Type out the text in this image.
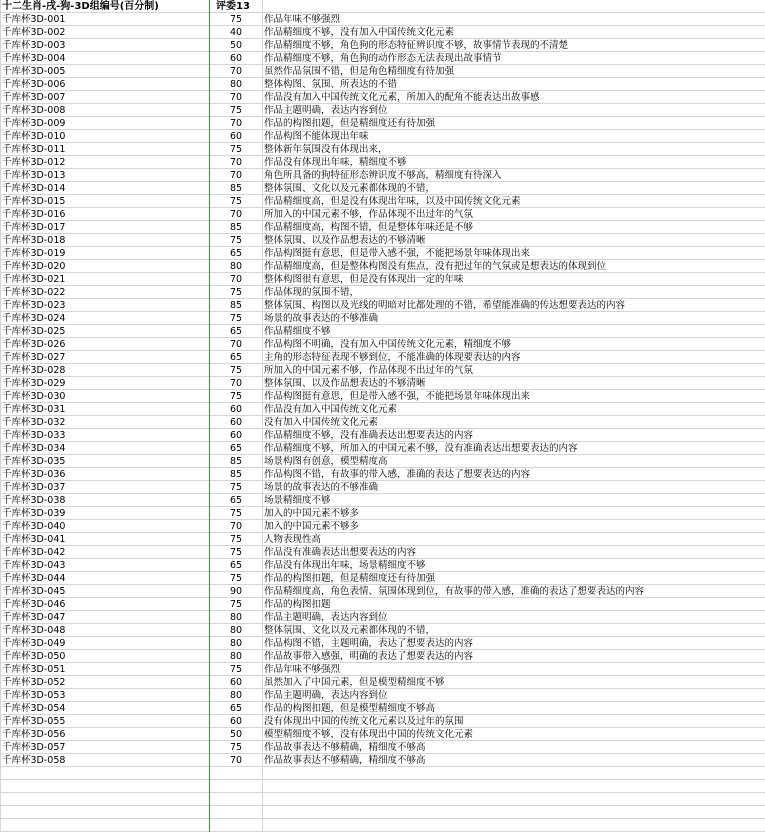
十二生肖-戌-狗-3D组编号(百分制)	评委13
千库杯3D-001	75	作品年味不够强烈
千库杯3D-002	40	作品精细度不够，没有加入中国传统文化元素
千库杯3D-003	50	作品精细度不够，角色狗的形态特征辨识度不够，故事情节表现的不清楚
千库杯3D-004	60	作品精细度不够，角色狗的动作形态无法表现出故事情节
千库杯3D-005	70	虽然作品氛围不错，但是角色精细度有待加强
千库杯3D-006	80	整体构图、氛围、所表达的不错
千库杯3D-007	70	作品没有加入中国传统文化元素，所加入的配角不能表达出故事感
千库杯3D-008	75	作品主题明确，表达内容到位
千库杯3D-009	70	作品的构图扣题，但是精细度还有待加强
千库杯3D-010	60	作品构图不能体现出年味
千库杯3D-011	75	整体新年氛围没有体现出来，
千库杯3D-012	70	作品没有体现出年味，精细度不够
千库杯3D-013	70	角色所具备的狗特征形态辨识度不够高，精细度有待深入
千库杯3D-014	85	整体氛围、文化以及元素都体现的不错，
千库杯3D-015	75	作品精细度高，但是没有体现出年味，以及中国传统文化元素
千库杯3D-016	70	所加入的中国元素不够，作品体现不出过年的气氛
千库杯3D-017	85	作品精细度高，构图不错，但是整体年味还是不够
千库杯3D-018	75	整体氛围、以及作品想表达的不够清晰
千库杯3D-019	65	作品构图挺有意思，但是带入感不强，不能把场景年味体现出来
千库杯3D-020	80	作品精细度高，但是整体构图没有焦点，没有把过年的气氛或是想表达的体现到位
千库杯3D-021	70	整体构图很有意思，但是没有体现出一定的年味
千库杯3D-022	75	作品体现的氛围不错，
千库杯3D-023	85	整体氛围、构图以及光线的明暗对比都处理的不错，希望能准确的传达想要表达的内容
千库杯3D-024	75	场景的故事表达的不够准确
千库杯3D-025	65	作品精细度不够
千库杯3D-026	70	作品构图不明确，没有加入中国传统文化元素，精细度不够
千库杯3D-027	65	主角的形态特征表现不够到位，不能准确的体现要表达的内容
千库杯3D-028	75	所加入的中国元素不够，作品体现不出过年的气氛
千库杯3D-029	70	整体氛围、以及作品想表达的不够清晰
千库杯3D-030	75	作品构图挺有意思，但是带入感不强，不能把场景年味体现出来
千库杯3D-031	60	作品没有加入中国传统文化元素
千库杯3D-032	60	没有加入中国传统文化元素
千库杯3D-033	60	作品精细度不够，没有准确表达出想要表达的内容
千库杯3D-034	65	作品精细度不够，所加入的中国元素不够，没有准确表达出想要表达的内容
千库杯3D-035	85	场景构图有创意，模型精度高
千库杯3D-036	85	作品构图不错，有故事的带入感，准确的表达了想要表达的内容
千库杯3D-037	75	场景的故事表达的不够准确
千库杯3D-038	65	场景精细度不够
千库杯3D-039	75	加入的中国元素不够多
千库杯3D-040	70	加入的中国元素不够多
千库杯3D-041	75	人物表现性高
千库杯3D-042	75	作品没有准确表达出想要表达的内容
千库杯3D-043	65	作品没有体现出年味，场景精细度不够
千库杯3D-044	75	作品的构图扣题，但是精细度还有待加强
千库杯3D-045	90	作品精细度高，角色表情、氛围体现到位，有故事的带入感，准确的表达了想要表达的内容
千库杯3D-046	75	作品的构图扣题
千库杯3D-047	80	作品主题明确，表达内容到位
千库杯3D-048	80	整体氛围、文化以及元素都体现的不错，
千库杯3D-049	80	作品构图不错，主题明确，表达了想要表达的内容
千库杯3D-050	80	作品故事带入感强，明确的表达了想要表达的内容
千库杯3D-051	75	作品年味不够强烈
千库杯3D-052	60	虽然加入了中国元素，但是模型精细度不够
千库杯3D-053	80	作品主题明确，表达内容到位
千库杯3D-054	65	作品的构图扣题，但是模型精细度不够高
千库杯3D-055	60	没有体现出中国的传统文化元素以及过年的氛围
千库杯3D-056	50	模型精细度不够，没有体现出中国的传统文化元素
千库杯3D-057	75	作品故事表达不够精确，精细度不够高
千库杯3D-058	70	作品故事表达不够精确，精细度不够高
